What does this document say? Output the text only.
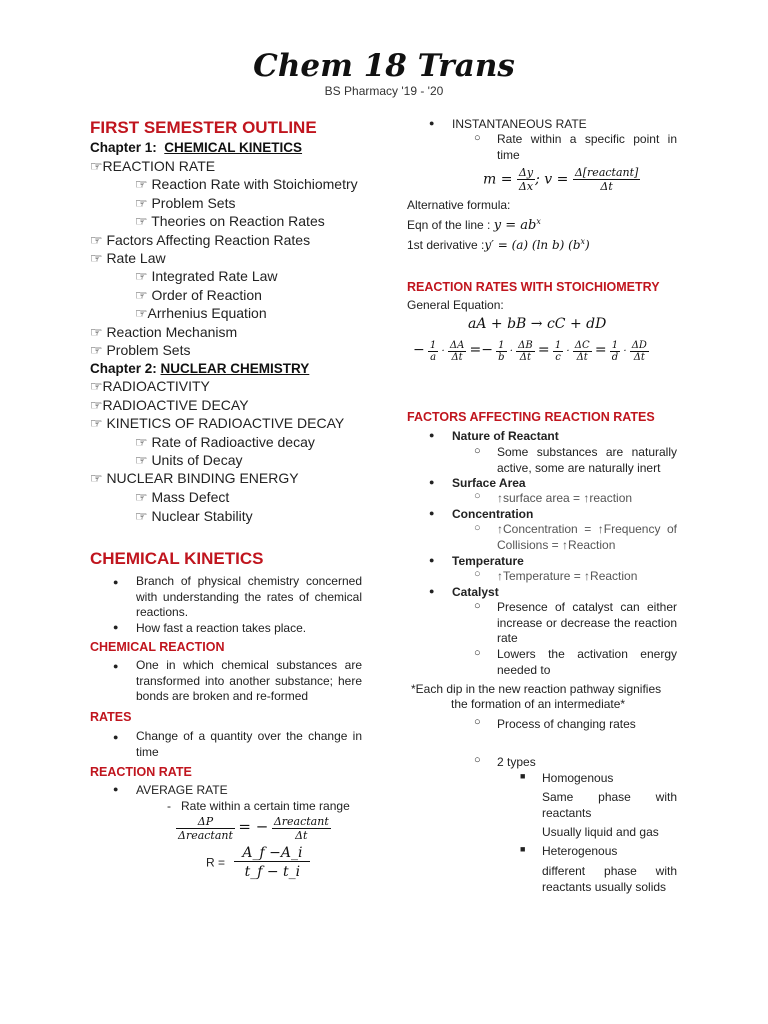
Chem 18 Trans
BS Pharmacy '19 - '20
FIRST SEMESTER OUTLINE
Chapter 1: CHEMICAL KINETICS
☞REACTION RATE
☞ Reaction Rate with Stoichiometry
☞ Problem Sets
☞ Theories on Reaction Rates
☞ Factors Affecting Reaction Rates
☞ Rate Law
☞ Integrated Rate Law
☞ Order of Reaction
☞Arrhenius Equation
☞ Reaction Mechanism
☞ Problem Sets
Chapter 2: NUCLEAR CHEMISTRY
☞RADIOACTIVITY
☞RADIOACTIVE DECAY
☞ KINETICS OF RADIOACTIVE DECAY
☞ Rate of Radioactive decay
☞ Units of Decay
☞ NUCLEAR BINDING ENERGY
☞ Mass Defect
☞ Nuclear Stability
CHEMICAL KINETICS
● Branch of physical chemistry concerned with understanding the rates of chemical reactions.
● How fast a reaction takes place.
CHEMICAL REACTION
● One in which chemical substances are transformed into another substance; here bonds are broken and re-formed
RATES
● Change of a quantity over the change in time
REACTION RATE
● AVERAGE RATE
- Rate within a certain time range
$\frac{\Delta P}{\text{Δreactant}}$ = − $\frac{\text{Δreactant}}{\Delta t}$
$R = \frac{A\_f -A\_i}{t\_f - t\_i}$
● INSTANTANEOUS RATE
○ Rate within a specific point in time
$m = \frac{\Delta y}{\Delta x}$ ; $v = \frac{\text{Δ[reactant]}}{\Delta t}$
Alternative formula:
Eqn of the line : $y = ab^x$
1st derivative :y′ = (a) (ln b) $(b^x)$
REACTION RATES WITH STOICHIOMETRY
General Equation:
aA + bB → cC + dD
− $\frac{1}{a} \cdot \frac{\Delta A}{\Delta t} =- \frac{1}{b} \cdot \frac{\Delta B}{\Delta t} = \frac{1}{c} \cdot \frac{\Delta C}{\Delta t} = \frac{1}{d} \cdot \frac{\Delta D}{\Delta t}$
FACTORS AFFECTING REACTION RATES
● Nature of Reactant
○ Some substances are naturally active, some are naturally inert
● Surface Area
○ ↑surface area = ↑reaction
● Concentration
○ ↑Concentration = ↑Frequency of Collisions = ↑Reaction
● Temperature
○ ↑Temperature = ↑Reaction
● Catalyst
○ Presence of catalyst can either increase or decrease the reaction rate
○ Lowers the activation energy needed to
*Each dip in the new reaction pathway signifies
the formation of an intermediate*
○ Process of changing rates
○ 2 types
■ Homogenous
Same phase with reactants
Usually liquid and gas
■ Heterogenous
different phase with reactants usually solids
